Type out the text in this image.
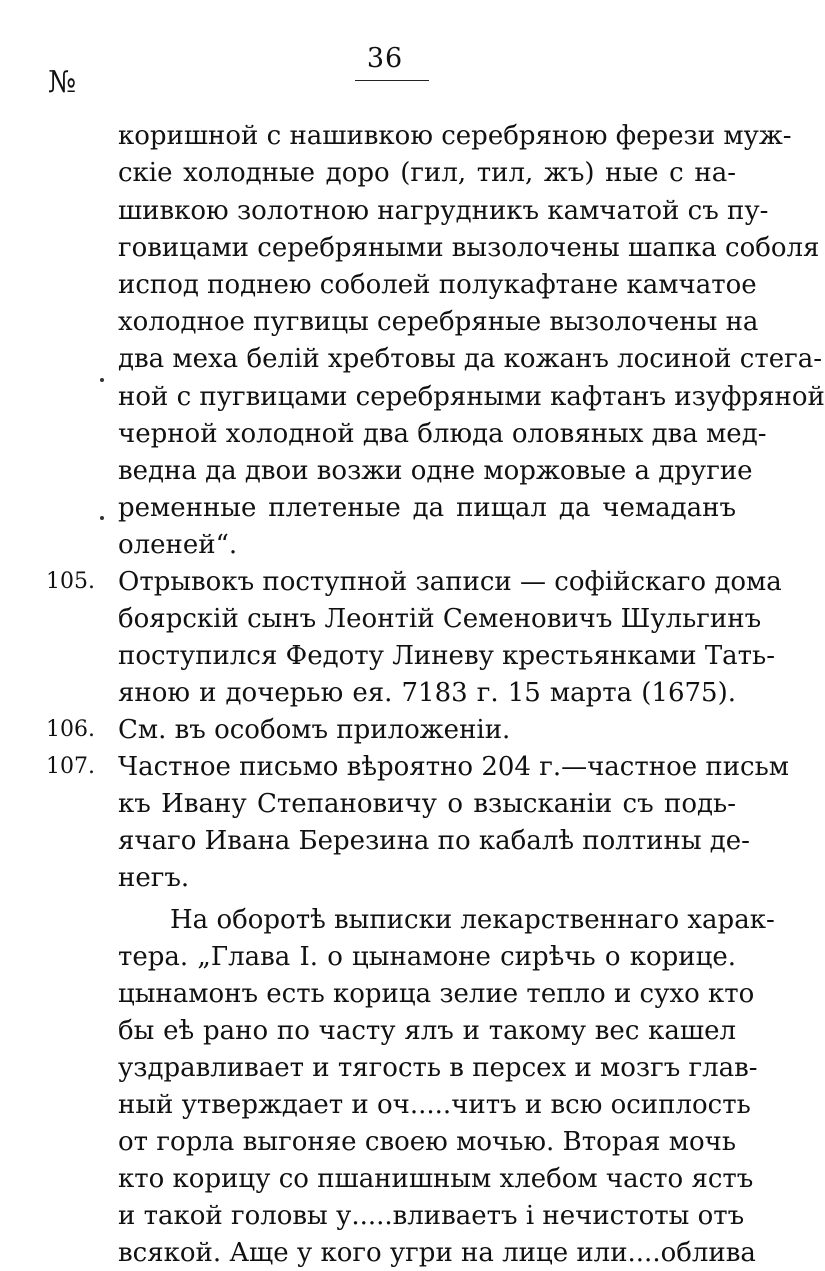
36
№
коришной с нашивкою серебряною ферези муж-
скіе холодные доро (гил, тил, жъ) ные с на-
шивкою золотною нагрудникъ камчатой съ пу-
говицами серебряными вызолочены шапка соболя
испод поднею соболей полукафтане камчатое
холодное пугвицы серебряные вызолочены на
два меха белій хребтовы да кожанъ лосиной стега-
ной с пугвицами серебряными кафтанъ изуфряной
черной холодной два блюда оловяных два мед-
ведна да двои возжи одне моржовые а другие
ременные плетеные да пищал да чемаданъ
оленей“.
Отрывокъ поступной записи — софійскаго дома
105.
боярскій сынъ Леонтій Семеновичъ Шульгинъ
поступился Федоту Линеву крестьянками Тать-
яною и дочерью ея. 7183 г. 15 марта (1675).
См. въ особомъ приложеніи.
106.
Частное письмо вѣроятно 204 г.—частное письм
107.
къ Ивану Степановичу о взысканіи съ подь-
ячаго Ивана Березина по кабалѣ полтины де-
негъ.
На оборотѣ выписки лекарственнаго харак-
тера. „Глава І. о цынамоне сирѣчь о корице.
цынамонъ есть корица зелие тепло и сухо кто
бы еѣ рано по часту ялъ и такому вес кашел
уздравливает и тягость в персех и мозгъ глав-
ный утверждает и оч.....читъ и всю осиплость
от горла выгоняе своею мочью. Вторая мочь
кто корицу со пшанишным хлебом часто ястъ
и такой головы у.....вливаетъ і нечистоты отъ
всякой. Аще у кого угри на лице или....облива
